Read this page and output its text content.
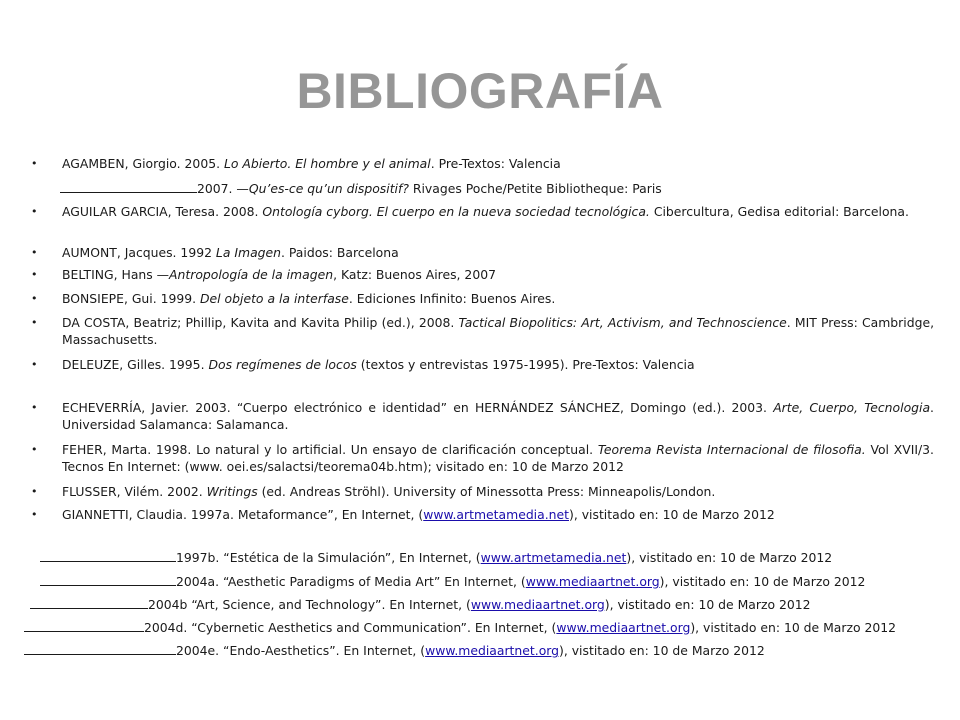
BIBLIOGRAFÍA

• AGAMBEN, Giorgio. 2005. Lo Abierto. El hombre y el animal. Pre-Textos: Valencia

2007. —Qu’es-ce qu’un dispositif? Rivages Poche/Petite Bibliotheque: Paris

• AGUILAR GARCIA, Teresa. 2008. Ontología cyborg. El cuerpo en la nueva sociedad tecnológica. Cibercultura, Gedisa editorial: Barcelona.

• AUMONT, Jacques. 1992 La Imagen. Paidos: Barcelona

• BELTING, Hans —Antropología de la imagen, Katz: Buenos Aires, 2007

• BONSIEPE, Gui. 1999. Del objeto a la interfase. Ediciones Infinito: Buenos Aires.

• DA COSTA, Beatriz; Phillip, Kavita and Kavita Philip (ed.), 2008. Tactical Biopolitics: Art, Activism, and Technoscience. MIT Press: Cambridge, Massachusetts.

• DELEUZE, Gilles. 1995. Dos regímenes de locos (textos y entrevistas 1975-1995). Pre-Textos: Valencia

• ECHEVERRÍA, Javier. 2003. “Cuerpo electrónico e identidad” en HERNÁNDEZ SÁNCHEZ, Domingo (ed.). 2003. Arte, Cuerpo, Tecnologia. Universidad Salamanca: Salamanca.

• FEHER, Marta. 1998. Lo natural y lo artificial. Un ensayo de clarificación conceptual. Teorema Revista Internacional de filosofia. Vol XVII/3. Tecnos En Internet: (www. oei.es/salactsi/teorema04b.htm); visitado en: 10 de Marzo 2012

• FLUSSER, Vilém. 2002. Writings (ed. Andreas Ströhl). University of Minessotta Press: Minneapolis/London.

• GIANNETTI, Claudia. 1997a. Metaformance”, En Internet, (www.artmetamedia.net), vistitado en: 10 de Marzo 2012

1997b. “Estética de la Simulación”, En Internet, (www.artmetamedia.net), vistitado en: 10 de Marzo 2012

2004a. “Aesthetic Paradigms of Media Art” En Internet, (www.mediaartnet.org), vistitado en: 10 de Marzo 2012

2004b “Art, Science, and Technology”. En Internet, (www.mediaartnet.org), vistitado en: 10 de Marzo 2012

2004d. “Cybernetic Aesthetics and Communication”. En Internet, (www.mediaartnet.org), vistitado en: 10 de Marzo 2012

2004e. “Endo-Aesthetics”. En Internet, (www.mediaartnet.org), vistitado en: 10 de Marzo 2012
